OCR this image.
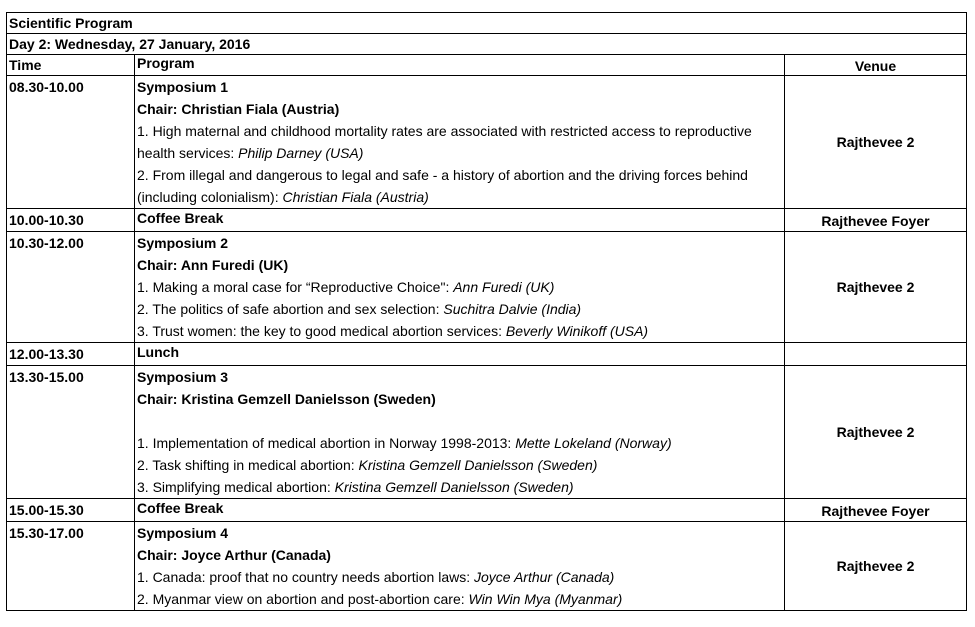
Scientific Program		
Day 2: Wednesday, 27 January, 2016		
Time	Program	Venue
08.30-10.00	Symposium 1
Chair: Christian Fiala (Austria)
1. High maternal and childhood mortality rates are associated with restricted access to reproductive health services: Philip Darney (USA)
2. From illegal and dangerous to legal and safe - a history of abortion and the driving forces behind (including colonialism): Christian Fiala (Austria)	Rajthevee 2
10.00-10.30	Coffee Break	Rajthevee Foyer
10.30-12.00	Symposium 2
Chair: Ann Furedi (UK)
1. Making a moral case for “Reproductive Choice": Ann Furedi (UK)
2. The politics of safe abortion and sex selection: Suchitra Dalvie (India)
3. Trust women: the key to good medical abortion services: Beverly Winikoff (USA)	Rajthevee 2
12.00-13.30	Lunch	
13.30-15.00	Symposium 3
Chair: Kristina Gemzell Danielsson (Sweden)
1. Implementation of medical abortion in Norway 1998-2013: Mette Lokeland (Norway)
2. Task shifting in medical abortion: Kristina Gemzell Danielsson (Sweden)
3. Simplifying medical abortion: Kristina Gemzell Danielsson (Sweden)	Rajthevee 2
15.00-15.30	Coffee Break	Rajthevee Foyer
15.30-17.00	Symposium 4
Chair: Joyce Arthur (Canada)
1. Canada: proof that no country needs abortion laws: Joyce Arthur (Canada)
2. Myanmar view on abortion and post-abortion care: Win Win Mya (Myanmar)	Rajthevee 2
